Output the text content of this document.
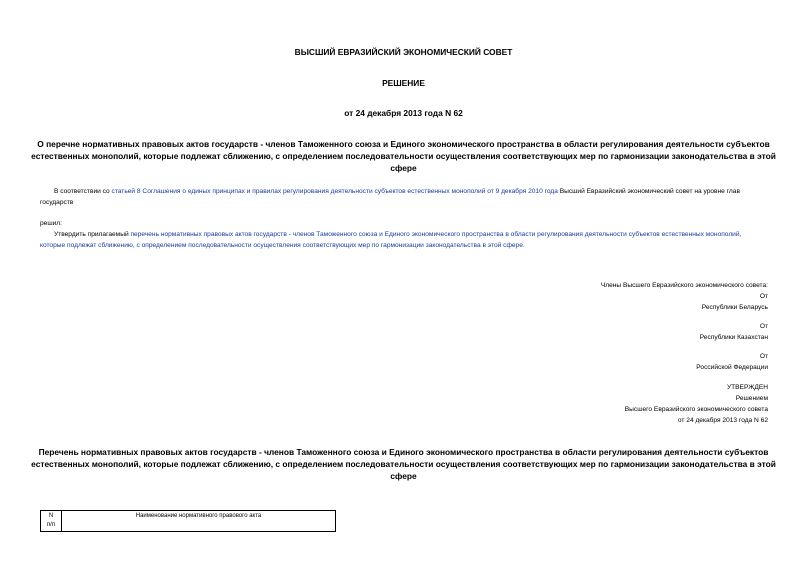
ВЫСШИЙ ЕВРАЗИЙСКИЙ ЭКОНОМИЧЕСКИЙ СОВЕТ
РЕШЕНИЕ
от 24 декабря 2013 года N 62
О перечне нормативных правовых актов государств - членов Таможенного союза и Единого экономического пространства в области регулирования деятельности субъектов естественных монополий, которые подлежат сближению, с определением последовательности осуществления соответствующих мер по гармонизации законодательства в этой сфере
В соответствии со статьей 8 Соглашения о единых принципах и правилах регулирования деятельности субъектов естественных монополий от 9 декабря 2010 года Высший Евразийский экономический совет на уровне глав государств
решил:
Утвердить прилагаемый перечень нормативных правовых актов государств - членов Таможенного союза и Единого экономического пространства в области регулирования деятельности субъектов естественных монополий, которые подлежат сближению, с определением последовательности осуществления соответствующих мер по гармонизации законодательства в этой сфере.
Члены Высшего Евразийского экономического совета:
От
Республики Беларусь
От
Республики Казахстан
От
Российской Федерации
УТВЕРЖДЕН
Решением
Высшего Евразийского экономического совета
от 24 декабря 2013 года N 62
Перечень нормативных правовых актов государств - членов Таможенного союза и Единого экономического пространства в области регулирования деятельности субъектов естественных монополий, которые подлежат сближению, с определением последовательности осуществления соответствующих мер по гармонизации законодательства в этой сфере
N
п/п
	Наименование нормативного правового акта
